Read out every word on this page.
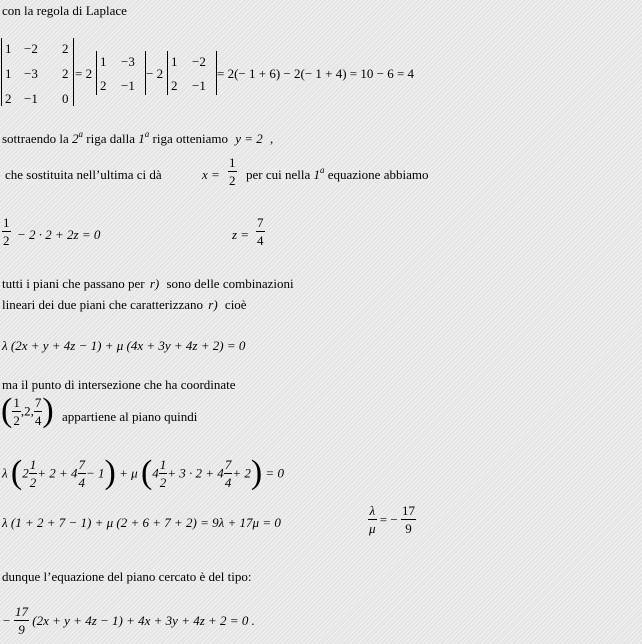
con la regola di Laplace
1 −2 2
1 −3 2
2 −1 0
= 2
1 −3
2 −1
− 2
1 −2
2 −1
= 2(− 1 + 6) − 2(− 1 + 4) = 10 − 6 = 4
sottraendo la 2$^a$ riga dalla 1$^a$ riga otteniamo y = 2 ,
che sostituita nell’ultima ci dà	$x = \frac{1}{2}$ per cui nella 1$^a$ equazione abbiamo
$\frac{1}{2} - 2 \cdot 2 + 2z = 0$	$z = \frac{7}{4}$
tutti i piani che passano per r) sono delle combinazioni
lineari dei due piani che caratterizzano r) cioè
λ (2x + y + 4z − 1) + μ (4x + 3y + 4z + 2) = 0
ma il punto di intersezione che ha coordinate
( $\frac{1}{2} ,2$, $\frac{7}{4}$ ) appartiene al piano quindi
λ $(2 \frac{1}{2} + 2 + 4 \frac{7}{4} - 1) + \mu$ $(4 \frac{1}{2} + 3 \cdot 2 + 4 \frac{7}{4} + 2) = 0$
λ (1 + 2 + 7 − 1) + μ (2 + 6 + 7 + 2) = 9λ + 17μ = 0	$\frac{\lambda}{\mu}$ = − $\frac{17}{9}$
dunque l’equazione del piano cercato è del tipo:
− $\frac{17}{9} (2x + y + 4z - 1) + 4x + 3y + 4z + 2 = 0$ .
